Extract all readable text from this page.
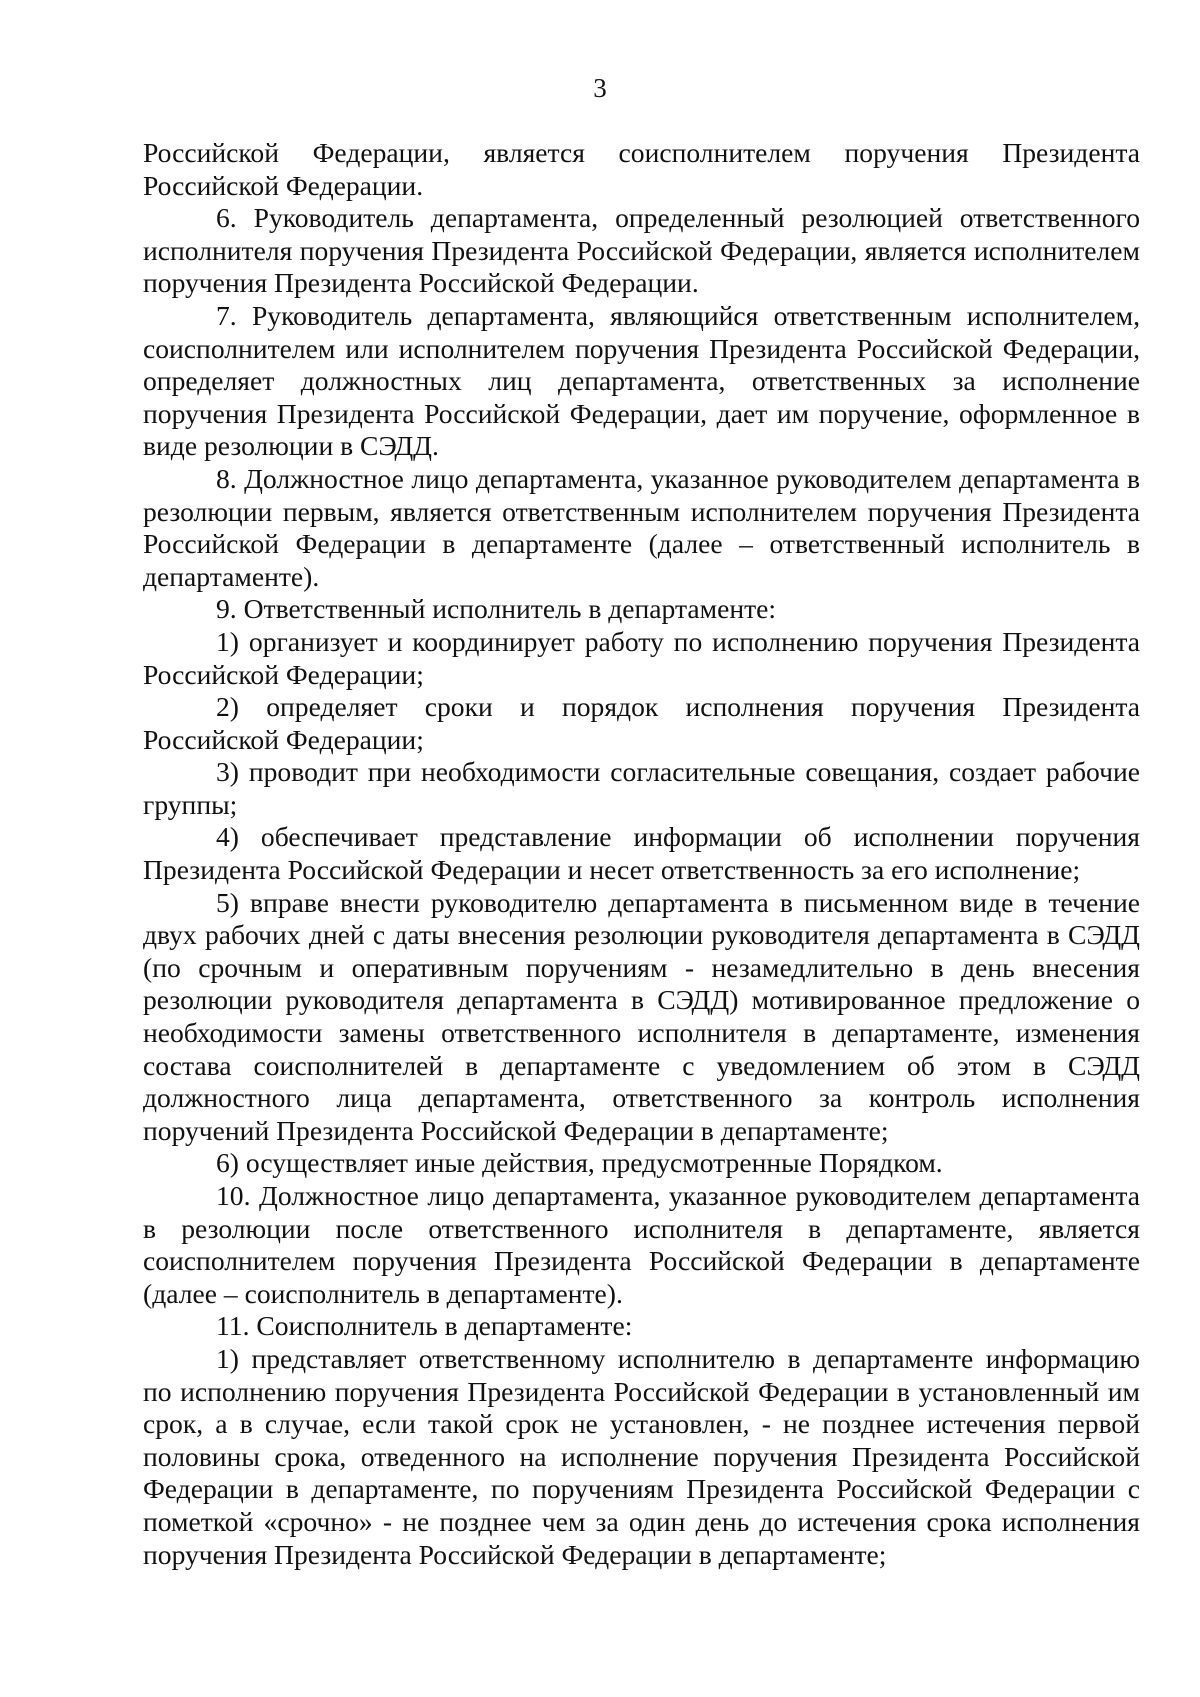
3

Российской Федерации, является соисполнителем поручения Президента Российской Федерации.

6. Руководитель департамента, определенный резолюцией ответственного исполнителя поручения Президента Российской Федерации, является исполнителем поручения Президента Российской Федерации.

7. Руководитель департамента, являющийся ответственным исполнителем, соисполнителем или исполнителем поручения Президента Российской Федерации, определяет должностных лиц департамента, ответственных за исполнение поручения Президента Российской Федерации, дает им поручение, оформленное в виде резолюции в СЭДД.

8. Должностное лицо департамента, указанное руководителем департамента в резолюции первым, является ответственным исполнителем поручения Президента Российской Федерации в департаменте (далее – ответственный исполнитель в департаменте).

9. Ответственный исполнитель в департаменте:

1) организует и координирует работу по исполнению поручения Президента Российской Федерации;

2) определяет сроки и порядок исполнения поручения Президента Российской Федерации;

3) проводит при необходимости согласительные совещания, создает рабочие группы;

4) обеспечивает представление информации об исполнении поручения Президента Российской Федерации и несет ответственность за его исполнение;

5) вправе внести руководителю департамента в письменном виде в течение двух рабочих дней с даты внесения резолюции руководителя департамента в СЭДД (по срочным и оперативным поручениям - незамедлительно в день внесения резолюции руководителя департамента в СЭДД) мотивированное предложение о необходимости замены ответственного исполнителя в департаменте, изменения состава соисполнителей в департаменте с уведомлением об этом в СЭДД должностного лица департамента, ответственного за контроль исполнения поручений Президента Российской Федерации в департаменте;

6) осуществляет иные действия, предусмотренные Порядком.

10. Должностное лицо департамента, указанное руководителем департамента в резолюции после ответственного исполнителя в департаменте, является соисполнителем поручения Президента Российской Федерации в департаменте (далее – соисполнитель в департаменте).

11. Соисполнитель в департаменте:

1) представляет ответственному исполнителю в департаменте информацию по исполнению поручения Президента Российской Федерации в установленный им срок, а в случае, если такой срок не установлен, - не позднее истечения первой половины срока, отведенного на исполнение поручения Президента Российской Федерации в департаменте, по поручениям Президента Российской Федерации с пометкой «срочно» - не позднее чем за один день до истечения срока исполнения поручения Президента Российской Федерации в департаменте;
